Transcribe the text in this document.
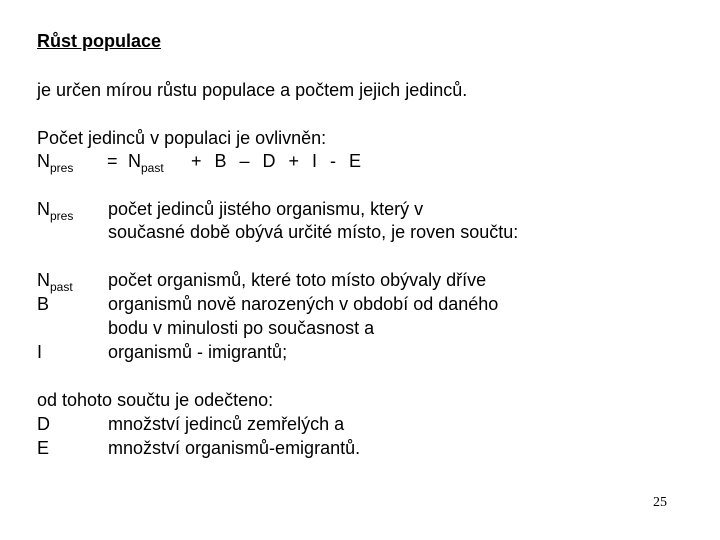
Růst populace
je určen mírou růstu populace a počtem jejich jedinců.
Počet jedinců v populaci je ovlivněn:
$N_{pres} = N_{past} + B - D + I - E$
$N_{pres}$ počet jedinců jistého organismu, který v
současné době obývá určité místo, je roven součtu:
$N_{past}$ počet organismů, které toto místo obývaly dříve
B	organismů nově narozených v období od daného
bodu v minulosti po současnost a
I	organismů - imigrantů;
od tohoto součtu je odečteno:
D	množství jedinců zemřelých a
E	množství organismů-emigrantů.
25
